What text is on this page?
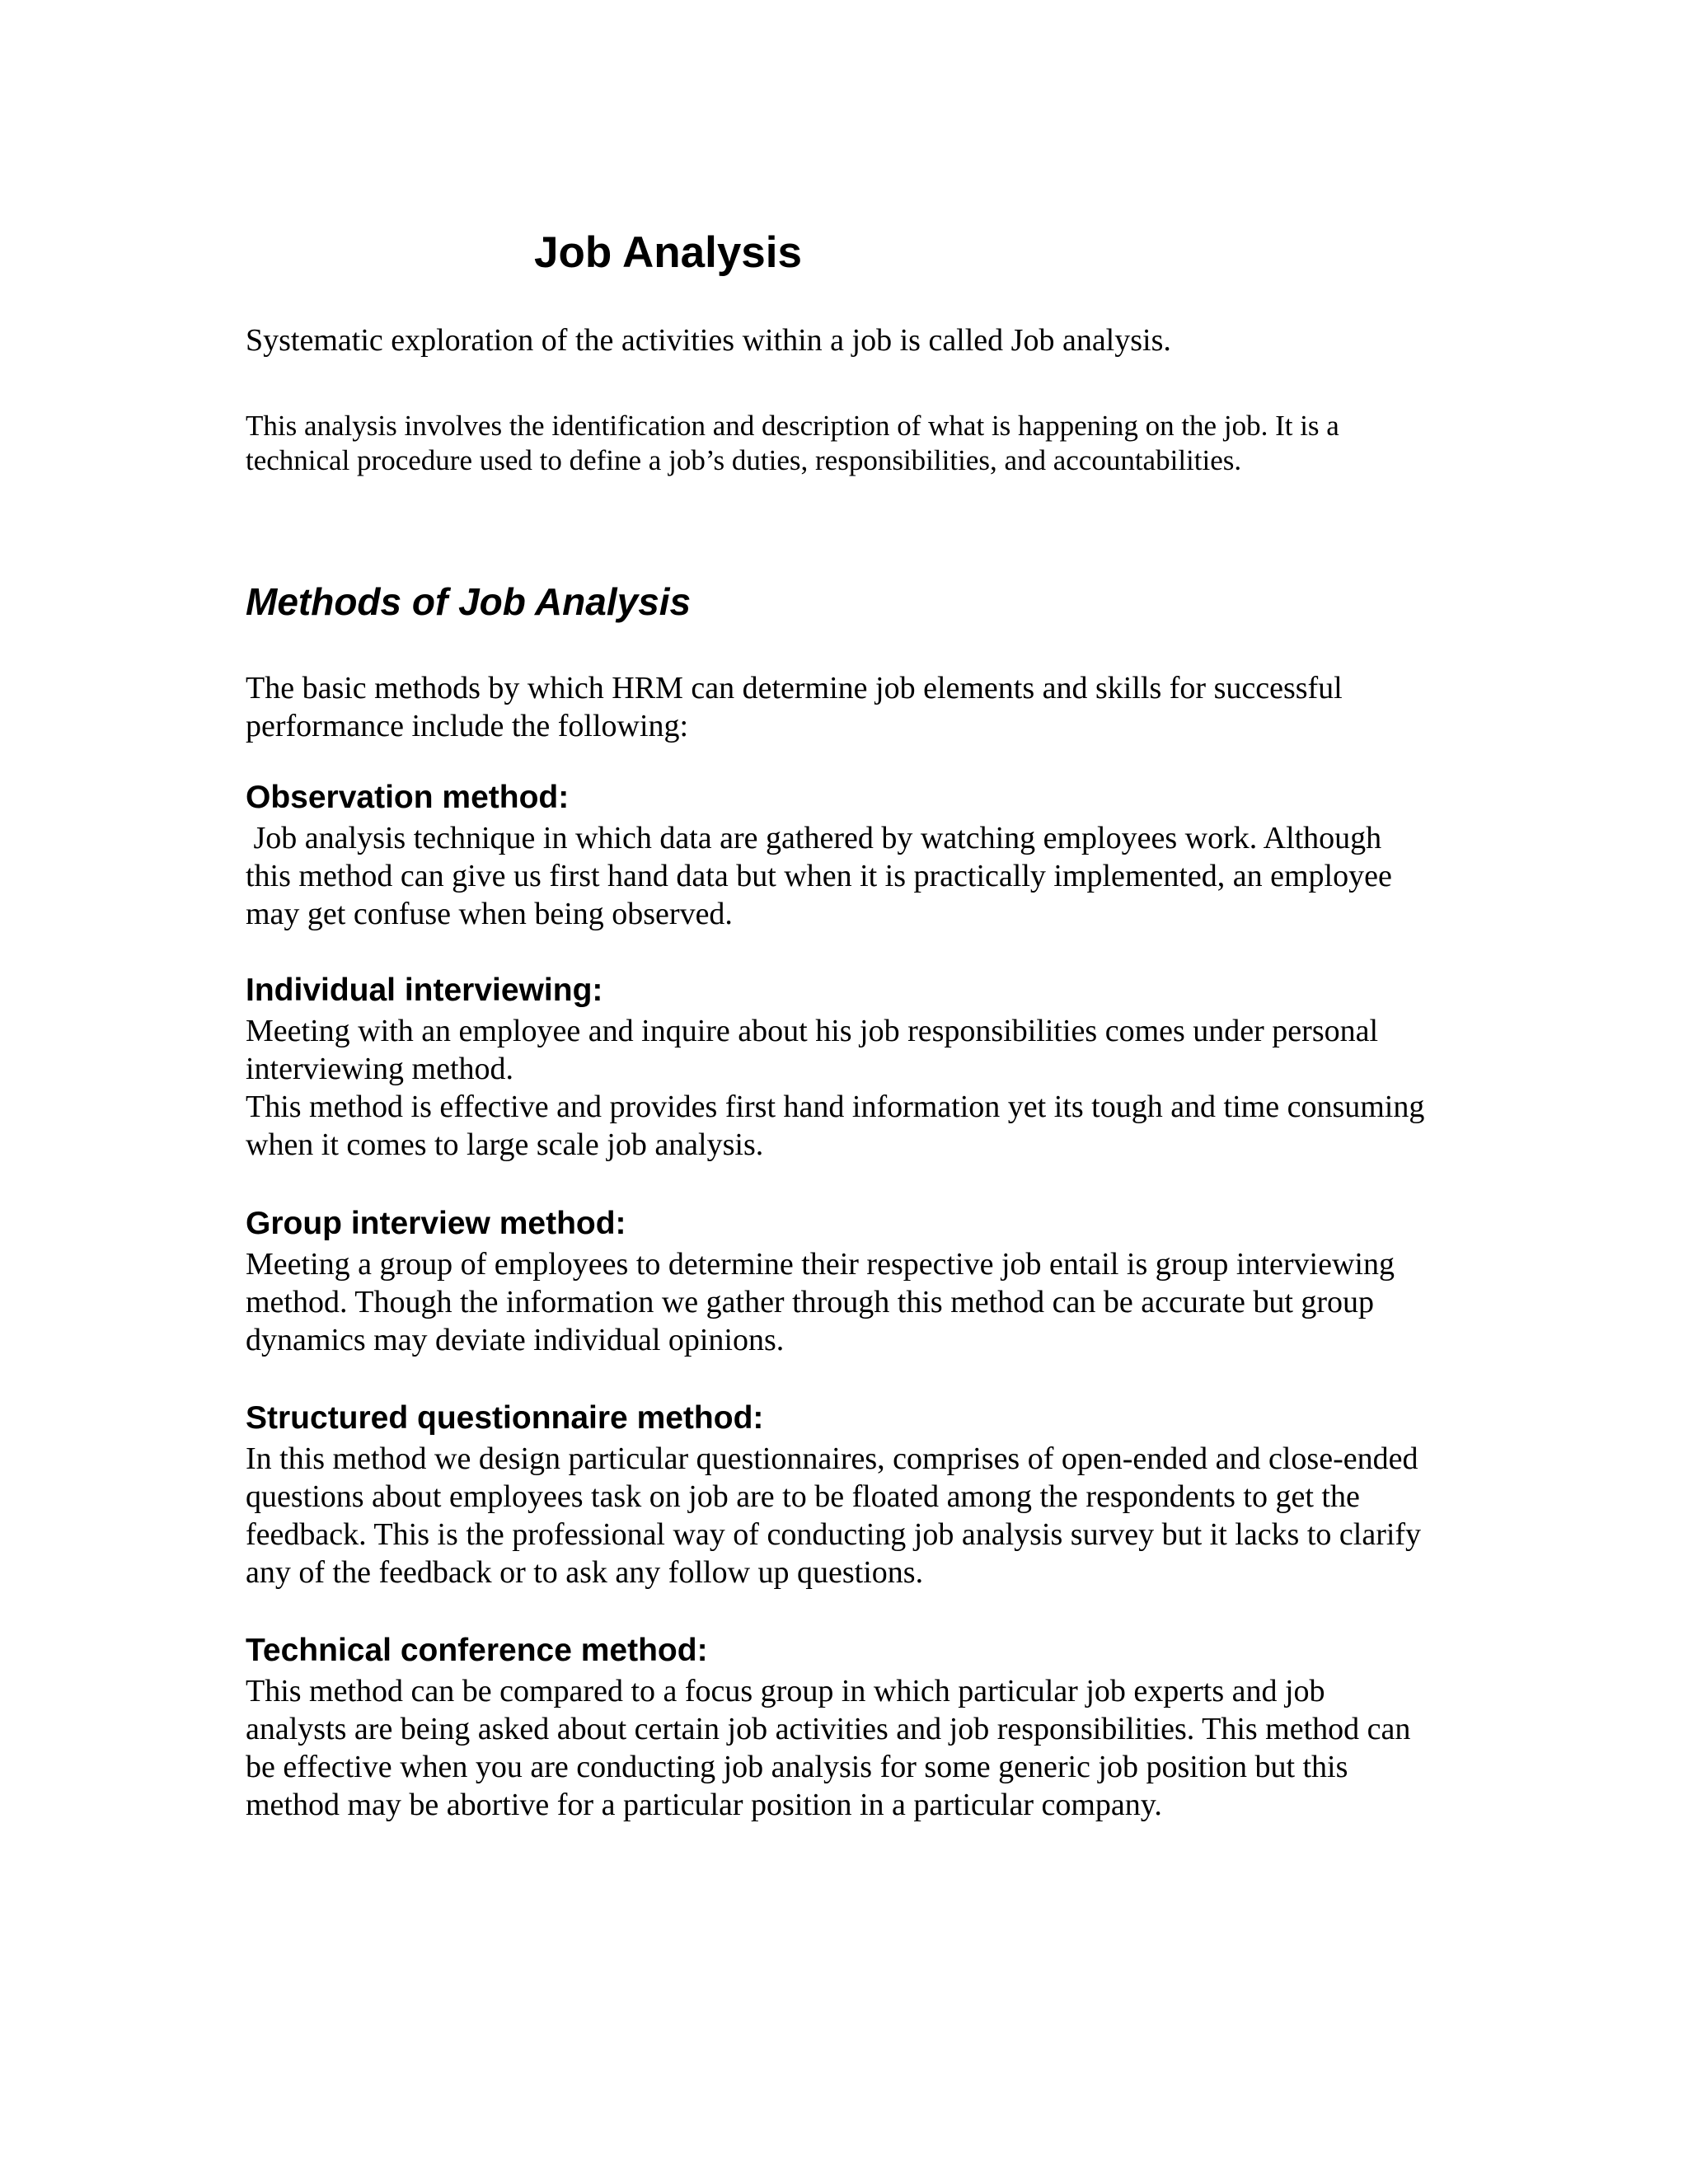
Job Analysis

Systematic exploration of the activities within a job is called Job analysis.

This analysis involves the identification and description of what is happening on the job. It is a technical procedure used to define a job’s duties, responsibilities, and accountabilities.

Methods of Job Analysis

The basic methods by which HRM can determine job elements and skills for successful performance include the following:

Observation method:

Job analysis technique in which data are gathered by watching employees work. Although this method can give us first hand data but when it is practically implemented, an employee may get confuse when being observed.

Individual interviewing:

Meeting with an employee and inquire about his job responsibilities comes under personal interviewing method.

This method is effective and provides first hand information yet its tough and time consuming when it comes to large scale job analysis.

Group interview method:

Meeting a group of employees to determine their respective job entail is group interviewing method. Though the information we gather through this method can be accurate but group dynamics may deviate individual opinions.

Structured questionnaire method:

In this method we design particular questionnaires, comprises of open-ended and close-ended questions about employees task on job are to be floated among the respondents to get the feedback. This is the professional way of conducting job analysis survey but it lacks to clarify any of the feedback or to ask any follow up questions.

Technical conference method:

This method can be compared to a focus group in which particular job experts and job analysts are being asked about certain job activities and job responsibilities. This method can be effective when you are conducting job analysis for some generic job position but this method may be abortive for a particular position in a particular company.
